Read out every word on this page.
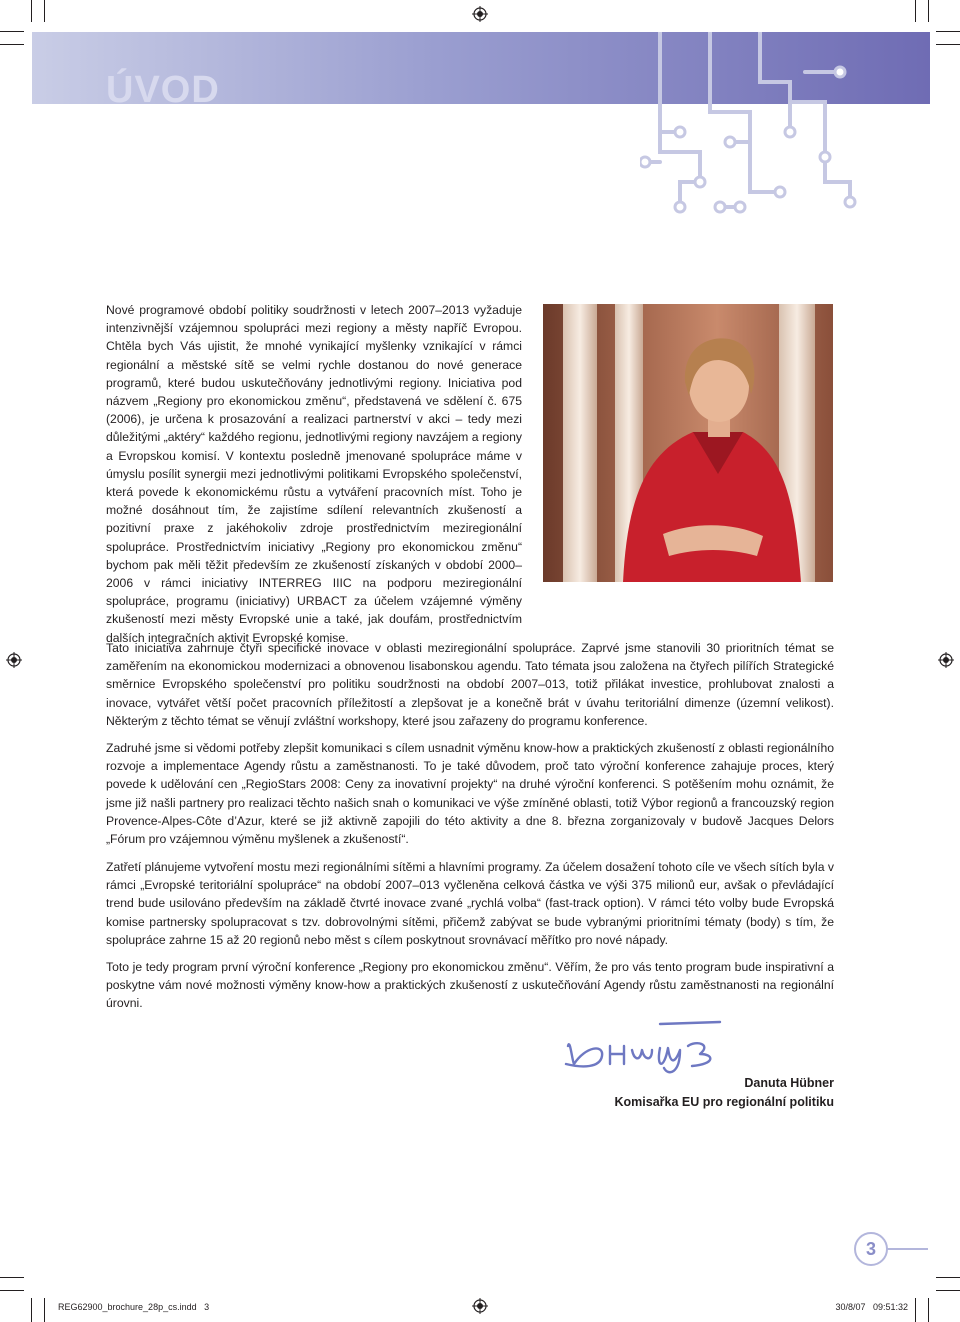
ÚVOD

Nové programové období politiky soudržnosti v letech 2007–2013 vyžaduje intenzivnější vzájemnou spolupráci mezi regiony a městy napříč Evropou. Chtěla bych Vás ujistit, že mnohé vynikající myšlenky vznikající v rámci regionální a městské sítě se velmi rychle dostanou do nové generace programů, které budou uskutečňovány jednotlivými regiony. Iniciativa pod názvem „Regiony pro ekonomickou změnu“, představená ve sdělení č. 675 (2006), je určena k prosazování a realizaci partnerství v akci – tedy mezi důležitými „aktéry“ každého regionu, jednotlivými regiony navzájem a regiony a Evropskou komisí. V kontextu posledně jmenované spolupráce máme v úmyslu posílit synergii mezi jednotlivými politikami Evropského společenství, která povede k ekonomickému růstu a vytváření pracovních míst. Toho je možné dosáhnout tím, že zajistíme sdílení relevantních zkušeností a pozitivní praxe z jakéhokoliv zdroje prostřednictvím meziregionální spolupráce. Prostřednictvím iniciativy „Regiony pro ekonomickou změnu“ bychom pak měli těžit především ze zkušeností získaných v období 2000–2006 v rámci iniciativy INTERREG IIIC na podporu meziregionální spolupráce, programu (iniciativy) URBACT za účelem vzájemné výměny zkušeností mezi městy Evropské unie a také, jak doufám, prostřednictvím dalších integračních aktivit Evropské komise.

Tato iniciativa zahrnuje čtyři specifické inovace v oblasti meziregionální spolupráce. Zaprvé jsme stanovili 30 prioritních témat se zaměřením na ekonomickou modernizaci a obnovenou lisabonskou agendu. Tato témata jsou založena na čtyřech pilířích Strategické směrnice Evropského společenství pro politiku soudržnosti na období 2007–013, totiž přilákat investice, prohlubovat znalosti a inovace, vytvářet větší počet pracovních příležitostí a zlepšovat je a konečně brát v úvahu teritoriální dimenze (územní velikost). Některým z těchto témat se věnují zvláštní workshopy, které jsou zařazeny do programu konference.

Zadruhé jsme si vědomi potřeby zlepšit komunikaci s cílem usnadnit výměnu know-how a praktických zkušeností z oblasti regionálního rozvoje a implementace Agendy růstu a zaměstnanosti. To je také důvodem, proč tato výroční konference zahajuje proces, který povede k udělování cen „RegioStars 2008: Ceny za inovativní projekty“ na druhé výroční konferenci. S potěšením mohu oznámit, že jsme již našli partnery pro realizaci těchto našich snah o komunikaci ve výše zmíněné oblasti, totiž Výbor regionů a francouzský region Provence-Alpes-Côte d’Azur, které se již aktivně zapojili do této aktivity a dne 8. března zorganizovaly v budově Jacques Delors „Fórum pro vzájemnou výměnu myšlenek a zkušeností“.

Zatřetí plánujeme vytvoření mostu mezi regionálními sítěmi a hlavními programy. Za účelem dosažení tohoto cíle ve všech sítích byla v rámci „Evropské teritoriální spolupráce“ na období 2007–013 vyčleněna celková částka ve výši 375 milionů eur, avšak o převládající trend bude usilováno především na základě čtvrté inovace zvané „rychlá volba“ (fast-track option). V rámci této volby bude Evropská komise partnersky spolupracovat s tzv. dobrovolnými sítěmi, přičemž zabývat se bude vybranými prioritními tématy (body) s tím, že spolupráce zahrne 15 až 20 regionů nebo měst s cílem poskytnout srovnávací měřítko pro nové nápady.

Toto je tedy program první výroční konference „Regiony pro ekonomickou změnu“. Věřím, že pro vás tento program bude inspirativní a poskytne vám nové možnosti výměny know-how a praktických zkušeností z uskutečňování Agendy růstu zaměstnanosti na regionální úrovni.

Danuta Hübner

Komisařka EU pro regionální politiku

3

REG62900_brochure_28p_cs.indd   3	30/8/07   09:51:32
